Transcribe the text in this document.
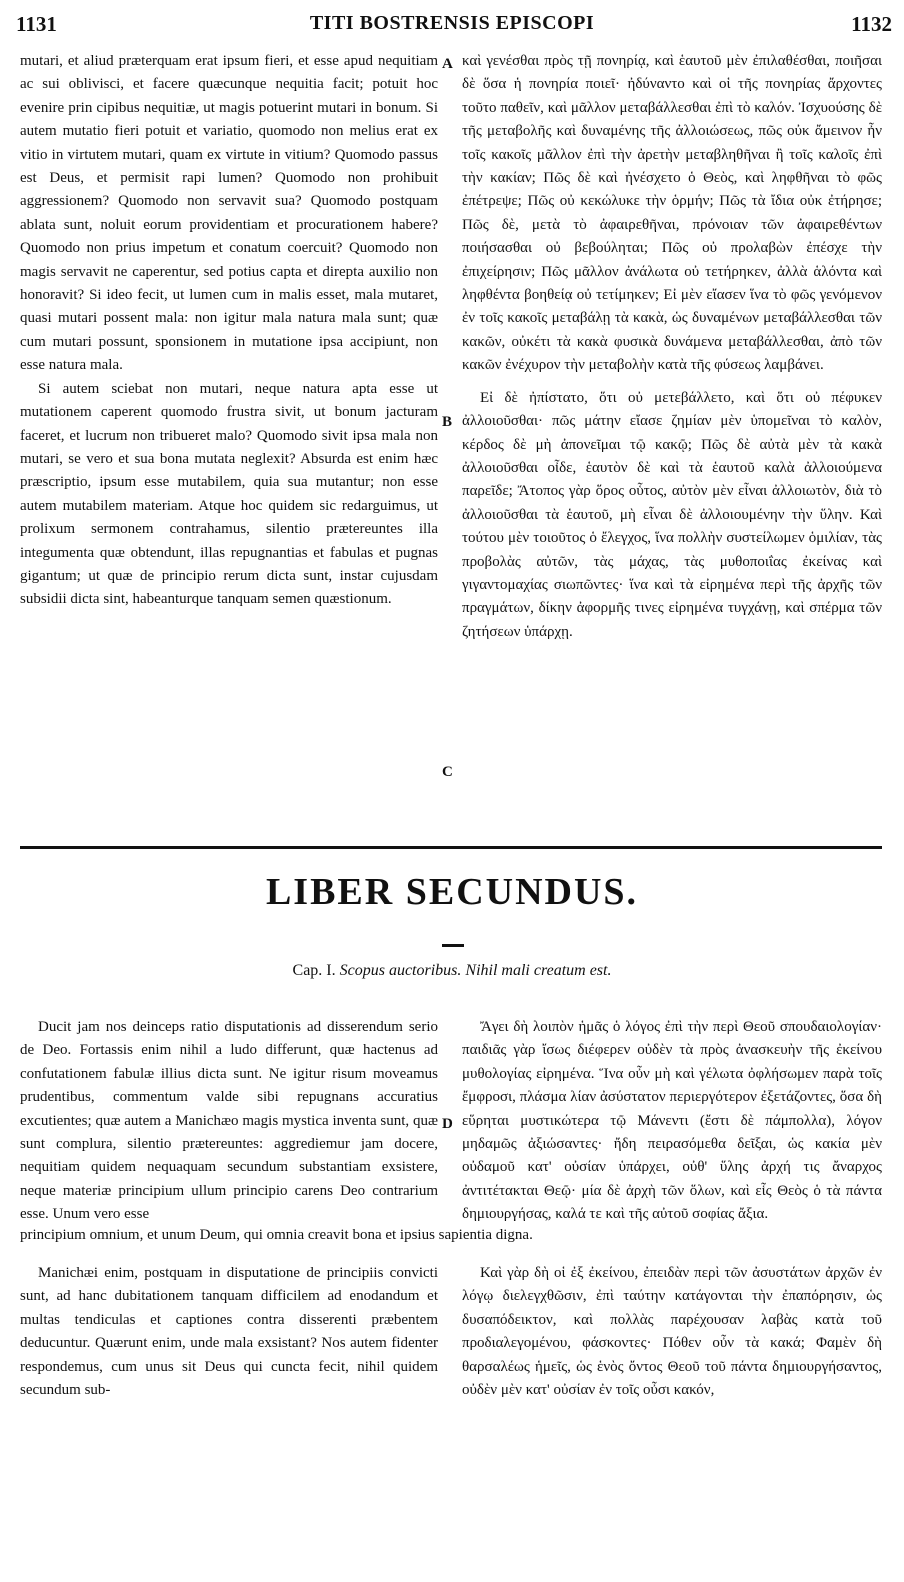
1131	TITI BOSTRENSIS EPISCOPI	1132

mutari, et aliud præterquam erat ipsum fieri, et esse apud nequitiam ac sui oblivisci, et facere quæcunque nequitia facit; potuit hoc evenire prin cipibus nequitiæ, ut magis potuerint mutari in bonum. Si autem mutatio fieri potuit et variatio, quomodo non melius erat ex vitio in virtutem mutari, quam ex virtute in vitium? Quomodo passus est Deus, et permisit rapi lumen? Quomodo non prohibuit aggressionem? Quomodo non servavit sua? Quomodo postquam ablata sunt, noluit eorum providentiam et procurationem habere? Quomodo non prius impetum et conatum coercuit? Quomodo non magis servavit ne caperentur, sed potius capta et direpta auxilio non honoravit? Si ideo fecit, ut lumen cum in malis esset, mala mutaret, quasi mutari possent mala: non igitur mala natura mala sunt; quæ cum mutari possunt, sponsionem in mutatione ipsa accipiunt, non esse natura mala.

Si autem sciebat non mutari, neque natura apta esse ut mutationem caperent quomodo frustra sivit, ut bonum jacturam faceret, et lucrum non tribueret malo? Quomodo sivit ipsa mala non mutari, se vero et sua bona mutata neglexit? Absurda est enim hæc præscriptio, ipsum esse mutabilem, quia sua mutantur; non esse autem mutabilem materiam. Atque hoc quidem sic redarguimus, ut prolixum sermonem contrahamus, silentio prætereuntes illa integumenta quæ obtendunt, illas repugnantias et fabulas et pugnas gigantum; ut quæ de principio rerum dicta sunt, instar cujusdam subsidii dicta sint, habeanturque tanquam semen quæstionum.

A
B
C

καὶ γενέσθαι πρὸς τῇ πονηρίᾳ, καὶ ἑαυτοῦ μὲν ἐπιλαθέσθαι, ποιῆσαι δὲ ὅσα ἡ πονηρία ποιεῖ· ἠδύναντο καὶ οἱ τῆς πονηρίας ἄρχοντες τοῦτο παθεῖν, καὶ μᾶλλον μεταβάλλεσθαι ἐπὶ τὸ καλόν. Ἰσχυούσης δὲ τῆς μεταβολῆς καὶ δυναμένης τῆς ἀλλοιώσεως, πῶς οὐκ ἄμεινον ἦν τοῖς κακοῖς μᾶλλον ἐπὶ τὴν ἀρετὴν μεταβληθῆναι ἢ τοῖς καλοῖς ἐπὶ τὴν κακίαν; Πῶς δὲ καὶ ἠνέσχετο ὁ Θεὸς, καὶ ληφθῆναι τὸ φῶς ἐπέτρεψε; Πῶς οὐ κεκώλυκε τὴν ὁρμήν; Πῶς τὰ ἴδια οὐκ ἐτήρησε; Πῶς δὲ, μετὰ τὸ ἀφαιρεθῆναι, πρόνοιαν τῶν ἀφαιρεθέντων ποιήσασθαι οὐ βεβούληται; Πῶς οὐ προλαβὼν ἐπέσχε τὴν ἐπιχείρησιν; Πῶς μᾶλλον ἀνάλωτα οὐ τετήρηκεν, ἀλλὰ ἁλόντα καὶ ληφθέντα βοηθείᾳ οὐ τετίμηκεν; Εἰ μὲν εἴασεν ἵνα τὸ φῶς γενόμενον ἐν τοῖς κακοῖς μεταβάλῃ τὰ κακὰ, ὡς δυναμένων μεταβάλλεσθαι τῶν κακῶν, οὐκέτι τὰ κακὰ φυσικὰ δυνάμενα μεταβάλλεσθαι, ἀπὸ τῶν κακῶν ἐνέχυρον τὴν μεταβολὴν κατὰ τῆς φύσεως λαμβάνει.

Εἰ δὲ ἠπίστατο, ὅτι οὐ μετεβάλλετο, καὶ ὅτι οὐ πέφυκεν ἀλλοιοῦσθαι· πῶς μάτην εἴασε ζημίαν μὲν ὑπομεῖναι τὸ καλὸν, κέρδος δὲ μὴ ἀπονεῖμαι τῷ κακῷ; Πῶς δὲ αὐτὰ μὲν τὰ κακὰ ἀλλοιοῦσθαι οἶδε, ἑαυτὸν δὲ καὶ τὰ ἑαυτοῦ καλὰ ἀλλοιούμενα παρεῖδε; Ἄτοπος γὰρ ὅρος οὗτος, αὐτὸν μὲν εἶναι ἀλλοιωτὸν, διὰ τὸ ἀλλοιοῦσθαι τὰ ἑαυτοῦ, μὴ εἶναι δὲ ἀλλοιουμένην τὴν ὕλην. Καὶ τούτου μὲν τοιοῦτος ὁ ἔλεγχος, ἵνα πολλὴν συστείλωμεν ὁμιλίαν, τὰς προβολὰς αὐτῶν, τὰς μάχας, τὰς μυθοποιΐας ἐκείνας καὶ γιγαντομαχίας σιωπῶντες· ἵνα καὶ τὰ εἰρημένα περὶ τῆς ἀρχῆς τῶν πραγμάτων, δίκην ἀφορμῆς τινες εἰρημένα τυγχάνῃ, καὶ σπέρμα τῶν ζητήσεων ὑπάρχῃ.

LIBER SECUNDUS.
Cap. I. Scopus auctoribus. Nihil mali creatum est.

Ducit jam nos deinceps ratio disputationis ad disserendum serio de Deo. Fortassis enim nihil a ludo differunt, quæ hactenus ad confutationem fabulæ illius dicta sunt. Ne igitur risum moveamus prudentibus, commentum valde sibi repugnans accuratius excutientes; quæ autem a Manichæo magis mystica inventa sunt, quæ sunt complura, silentio prætereuntes: aggrediemur jam docere, nequitiam quidem nequaquam secundum substantiam exsistere, neque materiæ principium ullum principio carens Deo contrarium esse. Unum vero esse

D

Ἄγει δὴ λοιπὸν ἡμᾶς ὁ λόγος ἐπὶ τὴν περὶ Θεοῦ σπουδαιολογίαν· παιδιᾶς γὰρ ἴσως διέφερεν οὐδὲν τὰ πρὸς ἀνασκευὴν τῆς ἐκείνου μυθολογίας εἰρημένα. Ἵνα οὖν μὴ καὶ γέλωτα ὀφλήσωμεν παρὰ τοῖς ἔμφροσι, πλάσμα λίαν ἀσύστατον περιεργότερον ἐξετάζοντες, ὅσα δὴ εὕρηται μυστικώτερα τῷ Μάνεντι (ἔστι δὲ πάμπολλα), λόγον μηδαμῶς ἀξιώσαντες· ἤδη πειρασόμεθα δεῖξαι, ὡς κακία μὲν οὐδαμοῦ κατ' οὐσίαν ὑπάρχει, οὐθ' ὕλης ἀρχή τις ἄναρχος ἀντιτέτακται Θεῷ· μία δὲ ἀρχὴ τῶν ὅλων, καὶ εἷς Θεὸς ὁ τὰ πάντα δημιουργήσας, καλά τε καὶ τῆς αὐτοῦ σοφίας ἄξια.

principium omnium, et unum Deum, qui omnia creavit bona et ipsius sapientia digna.

Manichæi enim, postquam in disputatione de principiis convicti sunt, ad hanc dubitationem tanquam difficilem ad enodandum et multas tendiculas et captiones contra disserenti præbentem deducuntur. Quærunt enim, unde mala exsistant? Nos autem fidenter respondemus, cum unus sit Deus qui cuncta fecit, nihil quidem secundum sub-

Καὶ γὰρ δὴ οἱ ἐξ ἐκείνου, ἐπειδὰν περὶ τῶν ἀσυστάτων ἀρχῶν ἐν λόγῳ διελεγχθῶσιν, ἐπὶ ταύτην κατάγονται τὴν ἐπαπόρησιν, ὡς δυσαπόδεικτον, καὶ πολλὰς παρέχουσαν λαβὰς κατὰ τοῦ προδιαλεγομένου, φάσκοντες· Πόθεν οὖν τὰ κακά; Φαμὲν δὴ θαρσαλέως ἡμεῖς, ὡς ἑνὸς ὄντος Θεοῦ τοῦ πάντα δημιουργήσαντος, οὐδὲν μὲν κατ' οὐσίαν ἐν τοῖς οὖσι κακόν,
